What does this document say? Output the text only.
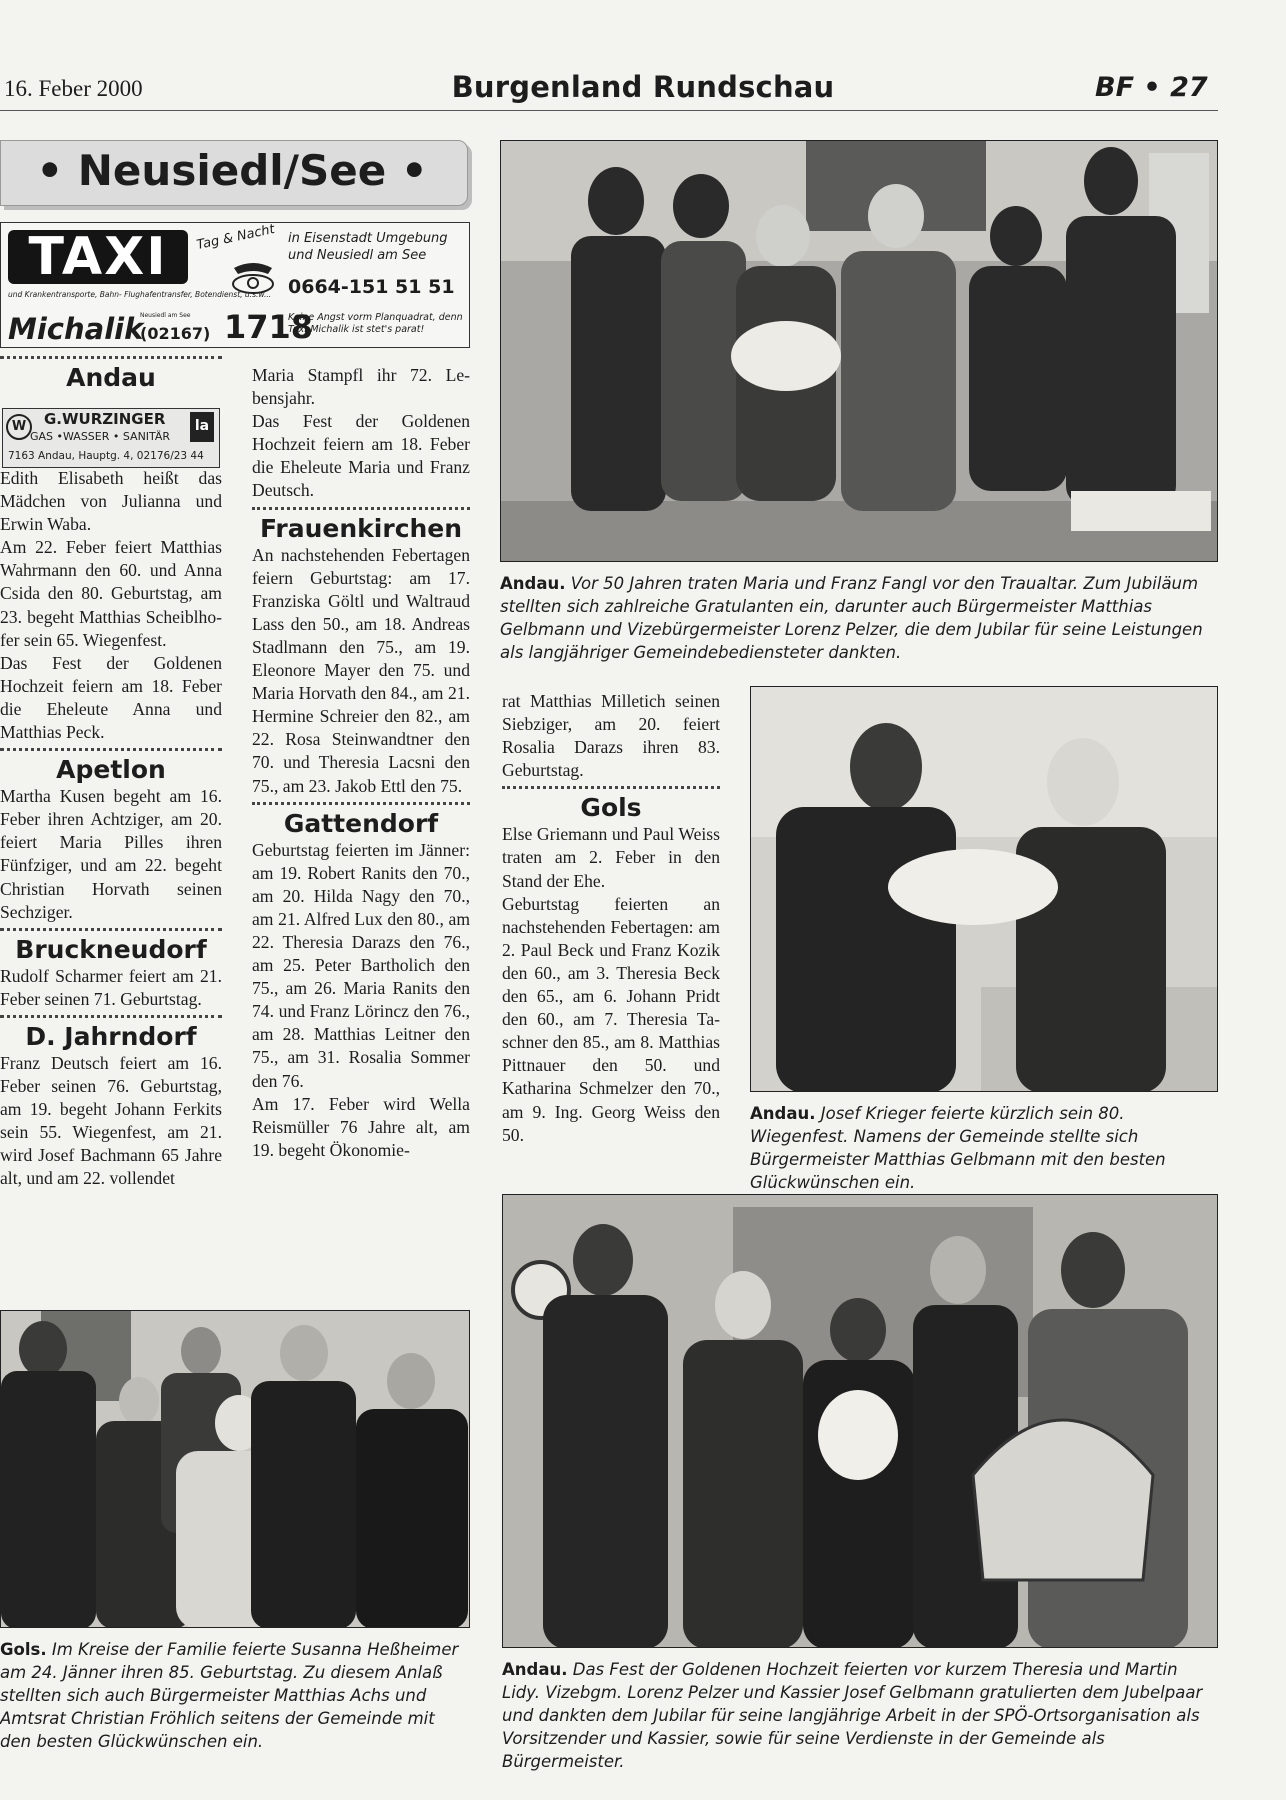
16. Feber 2000	Burgenland Rundschau	BF • 27
• Neusiedl/See •
TAXI	Tag & Nacht in Eisenstadt Umgebung und Neusiedl am See
0664-151 51 51
und Krankentransporte, Bahn- Flughafentransfer, Botendienst, u.s.w...
Michalik
Neusiedl am See
(02167) 1718
Keine Angst vorm Planquadrat, denn Taxi-Michalik ist stet's parat!
Andau

Edith Elisabeth heißt das Mädchen von Julianna und Erwin Waba.

Am 22. Feber feiert Matthias Wahrmann den 60. und Anna Csida den 80. Geburtstag, am 23. begeht Matthias Scheiblhofer sein 65. Wiegenfest.

Das Fest der Goldenen Hochzeit feiern am 18. Feber die Eheleute Anna und Matthias Peck.

Apetlon

Martha Kusen begeht am 16. Feber ihren Achtziger, am 20. feiert Maria Pilles ihren Fünfziger, und am 22. begeht Christian Horvath seinen Sechziger.

Bruckneudorf

Rudolf Scharmer feiert am 21. Feber seinen 71. Geburtstag.

D. Jahrndorf

Franz Deutsch feiert am 16. Feber seinen 76. Geburtstag, am 19. begeht Johann Ferkits sein 55. Wiegenfest, am 21. wird Josef Bachmann 65 Jahre alt, und am 22. vollendet

W	G.WURZINGER
GAS •WASSER • SANITÄR
7163 Andau, Hauptg. 4, 02176/23 44
la

Maria Stampfl ihr 72. Lebensjahr.

Das Fest der Goldenen Hochzeit feiern am 18. Feber die Eheleute Maria und Franz Deutsch.

Frauenkirchen

An nachstehenden Febertagen feiern Geburtstag: am 17. Franziska Göltl und Waltraud Lass den 50., am 18. Andreas Stadlmann den 75., am 19. Eleonore Mayer den 75. und Maria Horvath den 84., am 21. Hermine Schreier den 82., am 22. Rosa Steinwandtner den 70. und Theresia Lacsni den 75., am 23. Jakob Ettl den 75.

Gattendorf

Geburtstag feierten im Jänner: am 19. Robert Ranits den 70., am 20. Hilda Nagy den 70., am 21. Alfred Lux den 80., am 22. Theresia Darazs den 76., am 25. Peter Bartholich den 75., am 26. Maria Ranits den 74. und Franz Lörincz den 76., am 28. Matthias Leitner den 75., am 31. Rosalia Sommer den 76.

Am 17. Feber wird Wella Reismüller 76 Jahre alt, am 19. begeht Ökonomie-

Andau. Vor 50 Jahren traten Maria und Franz Fangl vor den Traualtar. Zum Jubiläum stellten sich zahlreiche Gratulanten ein, darunter auch Bürgermeister Matthias Gelbmann und Vizebürgermeister Lorenz Pelzer, die dem Jubilar für seine Leistungen als langjähriger Gemeindebediensteter dankten.

rat Matthias Milletich seinen Siebziger, am 20. feiert Rosalia Darazs ihren 83. Geburtstag.

Gols

Else Griemann und Paul Weiss traten am 2. Feber in den Stand der Ehe.

Geburtstag feierten an nachstehenden Febertagen: am 2. Paul Beck und Franz Kozik den 60., am 3. Theresia Beck den 65., am 6. Johann Pridt den 60., am 7. Theresia Taschner den 85., am 8. Matthias Pittnauer den 50. und Katharina Schmelzer den 70., am 9. Ing. Georg Weiss den 50.

Andau. Josef Krieger feierte kürzlich sein 80. Wiegenfest. Namens der Gemeinde stellte sich Bürgermeister Matthias Gelbmann mit den besten Glückwünschen ein.
Gols. Im Kreise der Familie feierte Susanna Heßheimer am 24. Jänner ihren 85. Geburtstag. Zu diesem Anlaß stellten sich auch Bürgermeister Matthias Achs und Amtsrat Christian Fröhlich seitens der Gemeinde mit den besten Glückwünschen ein.
Andau. Das Fest der Goldenen Hochzeit feierten vor kurzem Theresia und Martin Lidy. Vizebgm. Lorenz Pelzer und Kassier Josef Gelbmann gratulierten dem Jubelpaar und dankten dem Jubilar für seine langjährige Arbeit in der SPÖ-Ortsorganisation als Vorsitzender und Kassier, sowie für seine Verdienste in der Gemeinde als Bürgermeister.
